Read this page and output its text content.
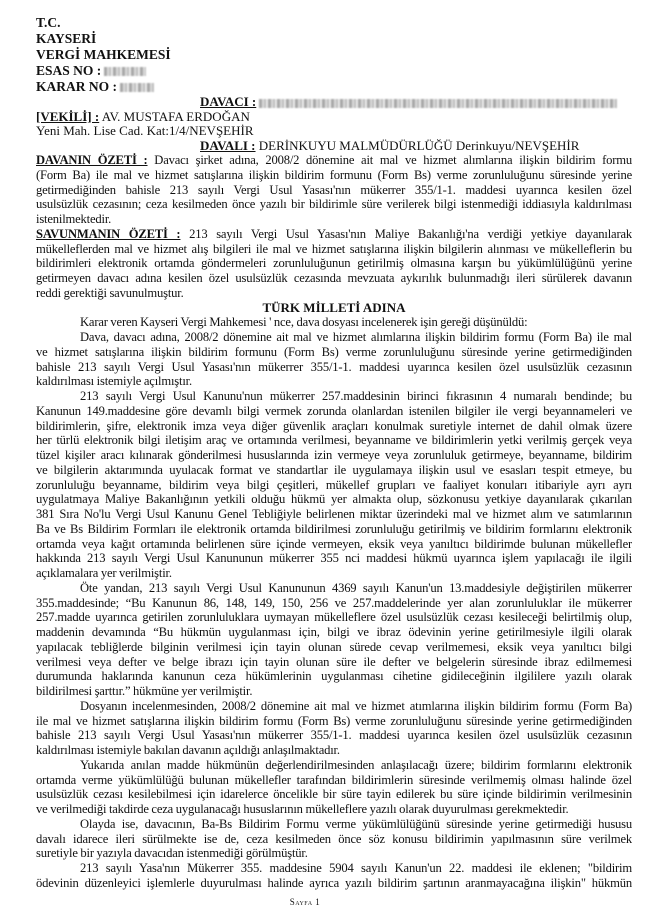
T.C.
KAYSERİ
VERGİ MAHKEMESİ
ESAS NO :
KARAR NO :
DAVACI :
[VEKİLİ] : AV. MUSTAFA ERDOĞAN
Yeni Mah. Lise Cad. Kat:1/4/NEVŞEHİR
DAVALI : DERİNKUYU MALMÜDÜRLÜĞÜ Derinkuyu/NEVŞEHİR
DAVANIN ÖZETİ : Davacı şirket adına, 2008/2 dönemine ait mal ve hizmet alımlarına ilişkin bildirim formu
(Form Ba) ile mal ve hizmet satışlarına ilişkin bildirim formunu (Form Bs) verme zorunluluğunu süresinde yerine
getirmediğinden bahisle 213 sayılı Vergi Usul Yasası'nın mükerrer 355/1-1. maddesi uyarınca kesilen özel
usulsüzlük cezasının; ceza kesilmeden önce yazılı bir bildirimle süre verilerek bilgi istenmediği iddiasıyla kaldırılması
istenilmektedir.
SAVUNMANIN ÖZETİ : 213 sayılı Vergi Usul Yasası'nın Maliye Bakanlığı'na verdiği yetkiye dayanılarak
mükelleflerden mal ve hizmet alış bilgileri ile mal ve hizmet satışlarına ilişkin bilgilerin alınması ve mükelleflerin bu
bildirimleri elektronik ortamda göndermeleri zorunluluğunun getirilmiş olmasına karşın bu yükümlülüğünü yerine
getirmeyen davacı adına kesilen özel usulsüzlük cezasında mevzuata aykırılık bulunmadığı ileri sürülerek davanın
reddi gerektiği savunulmuştur.
TÜRK MİLLETİ ADINA
Karar veren Kayseri Vergi Mahkemesi ' nce, dava dosyası incelenerek işin gereği düşünüldü:
Dava, davacı adına, 2008/2 dönemine ait mal ve hizmet alımlarına ilişkin bildirim formu (Form Ba) ile mal
ve hizmet satışlarına ilişkin bildirim formunu (Form Bs) verme zorunluluğunu süresinde yerine getirmediğinden
bahisle 213 sayılı Vergi Usul Yasası'nın mükerrer 355/1-1. maddesi uyarınca kesilen özel usulsüzlük cezasının
kaldırılması istemiyle açılmıştır.
213 sayılı Vergi Usul Kanunu'nun mükerrer 257.maddesinin birinci fıkrasının 4 numaralı bendinde; bu
Kanunun 149.maddesine göre devamlı bilgi vermek zorunda olanlardan istenilen bilgiler ile vergi beyannameleri ve
bildirimlerin, şifre, elektronik imza veya diğer güvenlik araçları konulmak suretiyle internet de dahil olmak üzere
her türlü elektronik bilgi iletişim araç ve ortamında verilmesi, beyanname ve bildirimlerin yetki verilmiş gerçek veya
tüzel kişiler aracı kılınarak gönderilmesi hususlarında izin vermeye veya zorunluluk getirmeye, beyanname, bildirim
ve bilgilerin aktarımında uyulacak format ve standartlar ile uygulamaya ilişkin usul ve esasları tespit etmeye, bu
zorunluluğu beyanname, bildirim veya bilgi çeşitleri, mükellef grupları ve faaliyet konuları itibariyle ayrı ayrı
uygulatmaya Maliye Bakanlığının yetkili olduğu hükmü yer almakta olup, sözkonusu yetkiye dayanılarak çıkarılan
381 Sıra No'lu Vergi Usul Kanunu Genel Tebliğiyle belirlenen miktar üzerindeki mal ve hizmet alım ve satımlarının
Ba ve Bs Bildirim Formları ile elektronik ortamda bildirilmesi zorunluluğu getirilmiş ve bildirim formlarını elektronik
ortamda veya kağıt ortamında belirlenen süre içinde vermeyen, eksik veya yanıltıcı bildirimde bulunan mükellefler
hakkında 213 sayılı Vergi Usul Kanununun mükerrer 355 nci maddesi hükmü uyarınca işlem yapılacağı ile ilgili
açıklamalara yer verilmiştir.
Öte yandan, 213 sayılı Vergi Usul Kanununun 4369 sayılı Kanun'un 13.maddesiyle değiştirilen mükerrer
355.maddesinde; “Bu Kanunun 86, 148, 149, 150, 256 ve 257.maddelerinde yer alan zorunluluklar ile mükerrer
257.madde uyarınca getirilen zorunluluklara uymayan mükelleflere özel usulsüzlük cezası kesileceği belirtilmiş olup,
maddenin devamında “Bu hükmün uygulanması için, bilgi ve ibraz ödevinin yerine getirilmesiyle ilgili olarak
yapılacak tebliğlerde bilginin verilmesi için tayin olunan sürede cevap verilmemesi, eksik veya yanıltıcı bilgi
verilmesi veya defter ve belge ibrazı için tayin olunan süre ile defter ve belgelerin süresinde ibraz edilmemesi
durumunda haklarında kanunun ceza hükümlerinin uygulanması cihetine gidileceğinin ilgililere yazılı olarak
bildirilmesi şarttır.” hükmüne yer verilmiştir.
Dosyanın incelenmesinden, 2008/2 dönemine ait mal ve hizmet atımlarına ilişkin bildirim formu (Form Ba)
ile mal ve hizmet satışlarına ilişkin bildirim formu (Form Bs) verme zorunluluğunu süresinde yerine getirmediğinden
bahisle 213 sayılı Vergi Usul Yasası'nın mükerrer 355/1-1. maddesi uyarınca kesilen özel usulsüzlük cezasının
kaldırılması istemiyle bakılan davanın açıldığı anlaşılmaktadır.
Yukarıda anılan madde hükmünün değerlendirilmesinden anlaşılacağı üzere; bildirim formlarını elektronik
ortamda verme yükümlülüğü bulunan mükellefler tarafından bildirimlerin süresinde verilmemiş olması halinde özel
usulsüzlük cezası kesilebilmesi için idarelerce öncelikle bir süre tayin edilerek bu süre içinde bildirimin verilmesinin
ve verilmediği takdirde ceza uygulanacağı hususlarının mükelleflere yazılı olarak duyurulması gerekmektedir.
Olayda ise, davacının, Ba-Bs Bildirim Formu verme yükümlülüğünü süresinde yerine getirmediği hususu
davalı idarece ileri sürülmekte ise de, ceza kesilmeden önce söz konusu bildirimin yapılmasının süre verilmek
suretiyle bir yazıyla davacıdan istenmediği görülmüştür.
213 sayılı Yasa'nın Mükerrer 355. maddesine 5904 sayılı Kanun'un 22. maddesi ile eklenen; "bildirim
ödevinin düzenleyici işlemlerle duyurulması halinde ayrıca yazılı bildirim şartının aranmayacağına ilişkin" hükmün
Sayfa 1
